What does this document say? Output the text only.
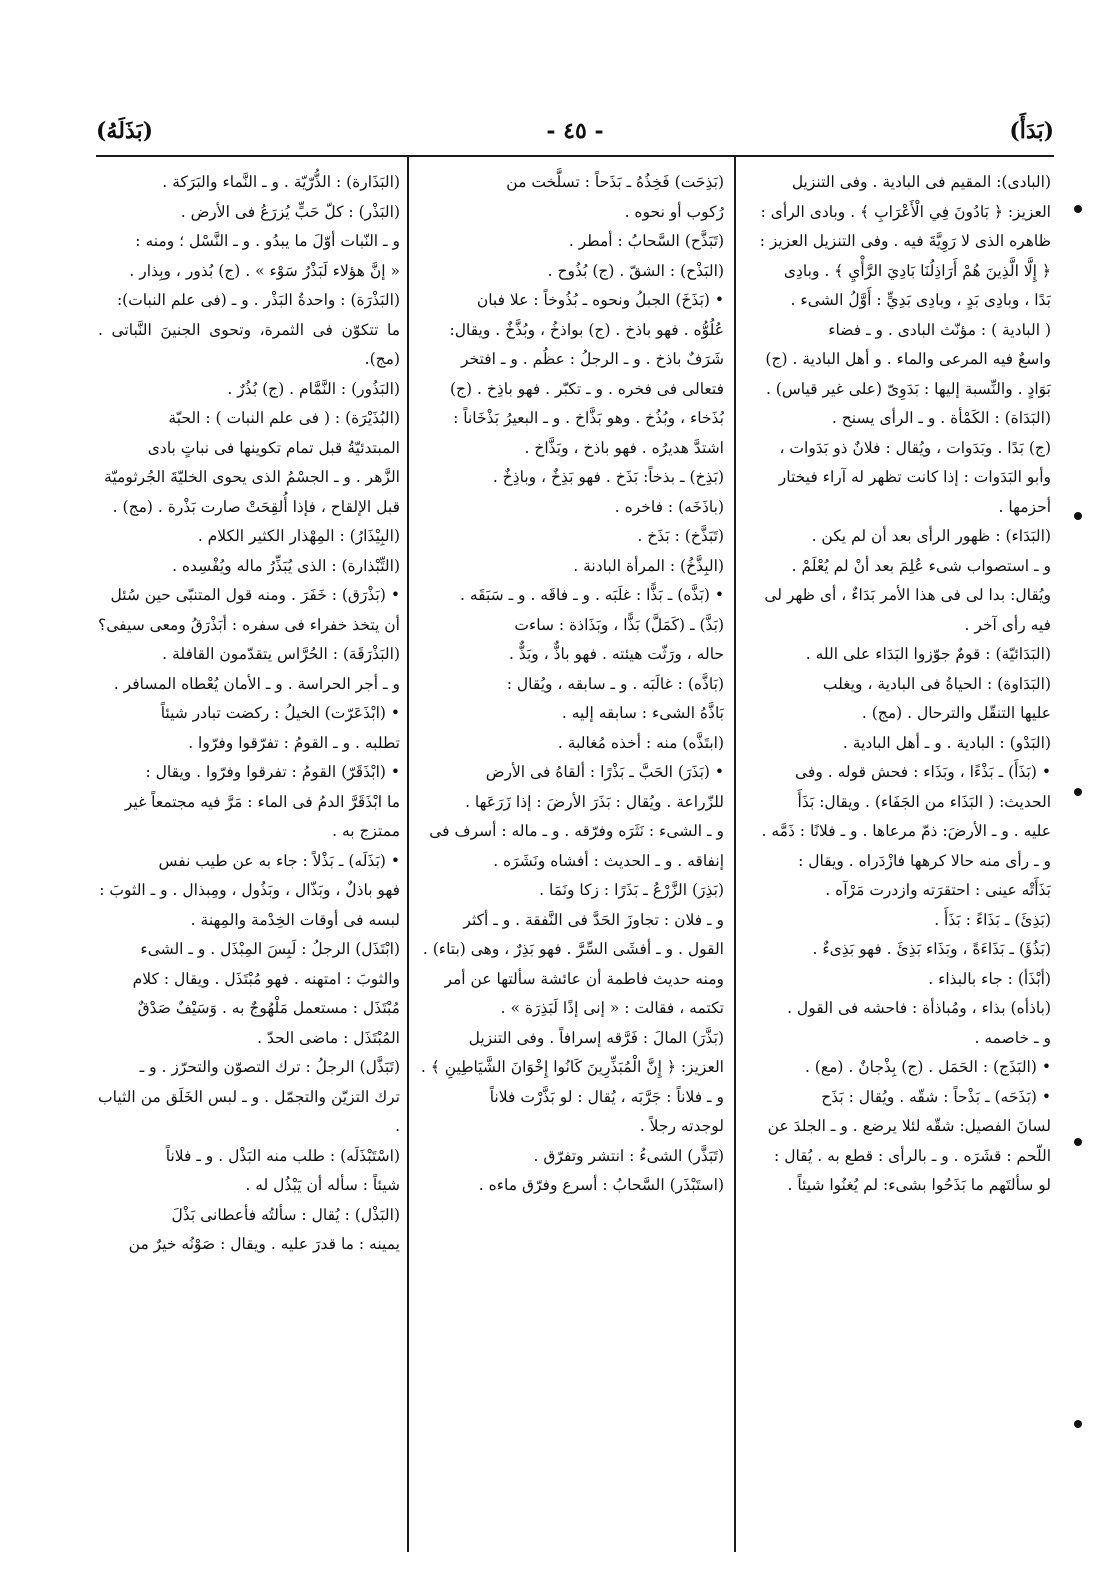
(بَدَأَ)
- ٤٥ -
(بَذَلَهُ)

(البادى): المقيم فى البادية . وفى التنزيل

العزيز: ﴿ بَادُونَ فِي الْأَعْرَابِ ﴾ . وبادى الرأى :

ظاهره الذى لا رَوِيَّةَ فيه . وفى التنزيل العزيز :

﴿ إِلَّا الَّذِينَ هُمْ أَرَاذِلُنَا بَادِيَ الرَّأْيِ ﴾ . وبادِى

بَدًا ، وبادِى بَدٍ ، وبادِى بَدِيٍّ : أَوَّلُ الشىء .

( البادية ) : مؤنّث البادى . و ـ فضاء

واسعٌ فيه المرعى والماء . و أهل البادية . (ج)

بَوَادٍ . والنِّسبة إليها : بَدَوِىّ (على غير قياس) .

(البَدَاة) : الكَمْأة . و ـ الرأى يسنح .

(ج) بَدًا . وبَدَوات ، ويُقال : فلانٌ ذو بَدَوات ،

وأبو البَدَوات : إذا كانت تظهر له آراء فيختار

أحزمها .

(البَدَاء) : ظهور الرأى بعد أن لم يكن .

و ـ استصواب شىء عُلِمَ بعد أنْ لم يُعْلَمْ .

ويُقال: بدا لى فى هذا الأمر بَدَاءٌ ، أى ظهر لى

فيه رأى آخر .

(البَدَائيّة) : قومٌ جوّزوا البَدَاء على الله .

(البَدَاوة) : الحياةُ فى البادية ، ويغلب

عليها التنقّل والترحال . (مج) .

(البَدْو) : البادية . و ـ أهل البادية .

• (بَذَأَ) ـ بَذْءًا ، وبَذَاء : فحش قوله . وفى

الحديث: ( البَذَاء من الجَفَاء) . ويقال: بَذَأَ

عليه . و ـ الأرضَ: ذمّ مرعاها . و ـ فلانًا : ذَمَّه .

و ـ رأى منه حالا كرهها فازْدَراه . ويقال :

بَذَأَتْه عينى : احتقرَته وازدرت مَرْآه .

(بَذِئَ) ـ بَذَاءً : بَذَأَ .

(بَذُؤَ) ـ بَذَاءَةً ، وبَذَاء بَذِئَ . فهو بَذِىءٌ .

(أبْذَأ) : جاء بالبذاء .

(باذأه) بذاء ، ومُباذأة : فاحشه فى القول .

و ـ خاصمه .

• (البَذَج) : الحَمَل . (ج) بِذْجانٌ . (مع) .

• (بَذَحَه) ـ بَذْحاً : شقّه . ويُقال : بَذَح

لسانَ الفصيل: شقّه لئلا يرضع . و ـ الجلدَ عن

اللّحم : قشَرَه . و ـ بالرأى : قطع به . يُقال :

لو سألتَهم ما بَذَحُوا بشىء: لم يُغنُوا شيئاً .

(بَذِحَت) فَخِذُهُ ـ بَذَحاً : تسلَّخت من

رُكوب أو نحوه .

(تَبَذَّح) السَّحابُ : أمطر .

(البَذْح) : الشقّ . (ج) بُذُوح .

• (بَذَخَ) الجبلُ ونحوه ـ بُذُوخاً : علا فبان

عُلُوُّه . فهو باذخ . (ج) بواذخُ ، وبُذَّخٌ . ويقال:

شَرَفٌ باذخ . و ـ الرجلُ : عظُم . و ـ افتخر

فتعالى فى فخره . و ـ تكبّر . فهو باذِخ . (ج)

بُذَخاء ، وبُذُخ . وهو بَذَّاخ . و ـ البعيرُ بَذْخَاناً :

اشتدَّ هديرُه . فهو باذخ ، وبَذَّاخ .

(بَذِخ) ـ بذخاً: بَذَخ . فهو بَذِخٌ ، وباذِخٌ .

(باذَخَه) : فاخره .

(تَبَذَّخ) : بَذَخ .

(البِذَّخُ) : المرأة البادنة .

• (بَذَّه) ـ بَذًّا : غلَبَه . و ـ فاقَه . و ـ سَبَقَه .

(بَذَّ) ـ (كَمَلَّ) بَذًّا ، وبَذَاذة : ساءت

حاله ، ورَثّت هيئته . فهو باذٌّ ، وبَذٌّ .

(بَاذَّه) : غالَبَه . و ـ سابقه ، ويُقال :

بَاذَّهُ الشىء : سابقه إليه .

(ابتَذَّه) منه : أخذه مُغالبة .

• (بَذَرَ) الحَبَّ ـ بَذْرًا : ألقاهُ فى الأرض

للزّراعة . ويُقال : بَذَرَ الأرضَ : إذا زَرَعَها .

و ـ الشىء : نَثَرَه وفرّقه . و ـ ماله : أسرف فى

إنفاقه . و ـ الحديث : أفشاه ونَشَرَه .

(بَذِرَ) الزَّرْعُ ـ بَذَرًا : زكا ونَمَا .

و ـ فلان : تجاوزَ الحَدَّ فى النَّفقة . و ـ أكثر

القول . و ـ أفشَى السِّرَّ . فهو بَذِرٌ ، وهى (بتاء) .

ومنه حديث فاطمة أن عائشة سألتها عن أمر

تكتمه ، فقالت : « إنى إذًا لَبَذِرَة » .

(بَذَّرَ) المالَ : فَرَّقه إسرافاً . وفى التنزيل

العزيز: ﴿ إِنَّ الْمُبَذِّرِينَ كَانُوا إِخْوَانَ الشَّيَاطِينِ ﴾ .

و ـ فلاناً : جَرَّبَه ، يُقال : لو بَذَّرْت فلاناً

لوجدته رجلاً .

(تَبَذَّر) الشىءُ : انتشر وتفرّق .

(استَبْذَر) السَّحابُ : أسرع وفرّق ماءه .

(البَذَارة) : الذُّرّيّة . و ـ النَّماء والبَرَكة .

(البَذْر) : كلّ حَبٍّ يُزرَعُ فى الأرض .

و ـ النّبات أوّلَ ما يبدُو . و ـ النَّسْل ؛ ومنه :

« إنَّ هؤلاء لَبَذْرُ سَوْء » . (ج) بُذور ، وبِذار .

(البَذْرَة) : واحدةُ البَذْر . و ـ (فى علم النبات):

ما تتكوّن فى الثمرة، وتحوى الجنينَ النَّباتى . (مج).

(البَذُور) : النَّمَّام . (ج) بُذُرٌ .

(البُذَيْرَة) : ( فى علم النبات ) : الحبّة

المبتدئيّةُ قبل تمام تكوينها فى نباتٍ بادى

الزَّهر . و ـ الجسْمُ الذى يحوى الخليّةَ الجُرثوميّة

قبل الإلقاح ، فإذا أُلقِحَتْ صارت بَذْرة . (مج) .

(البِيْذَارُ) : المِهْذار الكثير الكلام .

(التِّبْذارة) : الذى يُبَذِّرُ ماله ويُفْسِده .

• (بَذْرَق) : خَفَرَ . ومنه قول المتنبّى حين سُئل

أن يتخذ خفراء فى سفره : أبَذْرَقُ ومعى سيفى؟

(البَذْرَقَة) : الحُرَّاس يتقدّمون القافلة .

و ـ أجر الحراسة . و ـ الأمان يُعْطاه المسافر .

• (ابْذَعَرّت) الخيلُ : ركضت تبادر شيئاً

تطلبه . و ـ القومُ : تفرّقوا وفرّوا .

• (ابْذَقَرّ) القومُ : تفرقوا وفرّوا . ويقال :

ما ابْذَقَرَّ الدمُ فى الماء : مَرَّ فيه مجتمعاً غير

ممتزج به .

• (بَذَلَه) ـ بَذْلاً : جاء به عن طيب نفس

فهو باذلٌ ، وبَذّال ، وبَذُول ، ومِبذال . و ـ الثوبَ :

لبسه فى أوقات الخِدْمة والمِهنة .

(ابْتَذَل) الرجلُ : لَبِسَ المِبْذَل . و ـ الشىء

والثوبَ : امتهنه . فهو مُبْتَذَل . ويقال : كلام

مُبْتَذَل : مستعمل مَلْهُوجٌ به . وَسَيْفٌ صَدْقٌ

المُبْتَذَل : ماضى الحدّ .

(تَبَذَّل) الرجلُ : ترك التصوّن والتحرّز . و ـ

ترك التزيّن والتجمّل . و ـ لبس الخَلَق من الثياب .

(اسْتَبْذَلَه) : طلب منه البَذْل . و ـ فلاناً

شيئاً : سأله أن يَبْذُل له .

(البَذْل) : يُقال : سألتُه فأعطانى بَذْلَ

يمينه : ما قدرَ عليه . ويقال : صَوْنُه خيرٌ من
